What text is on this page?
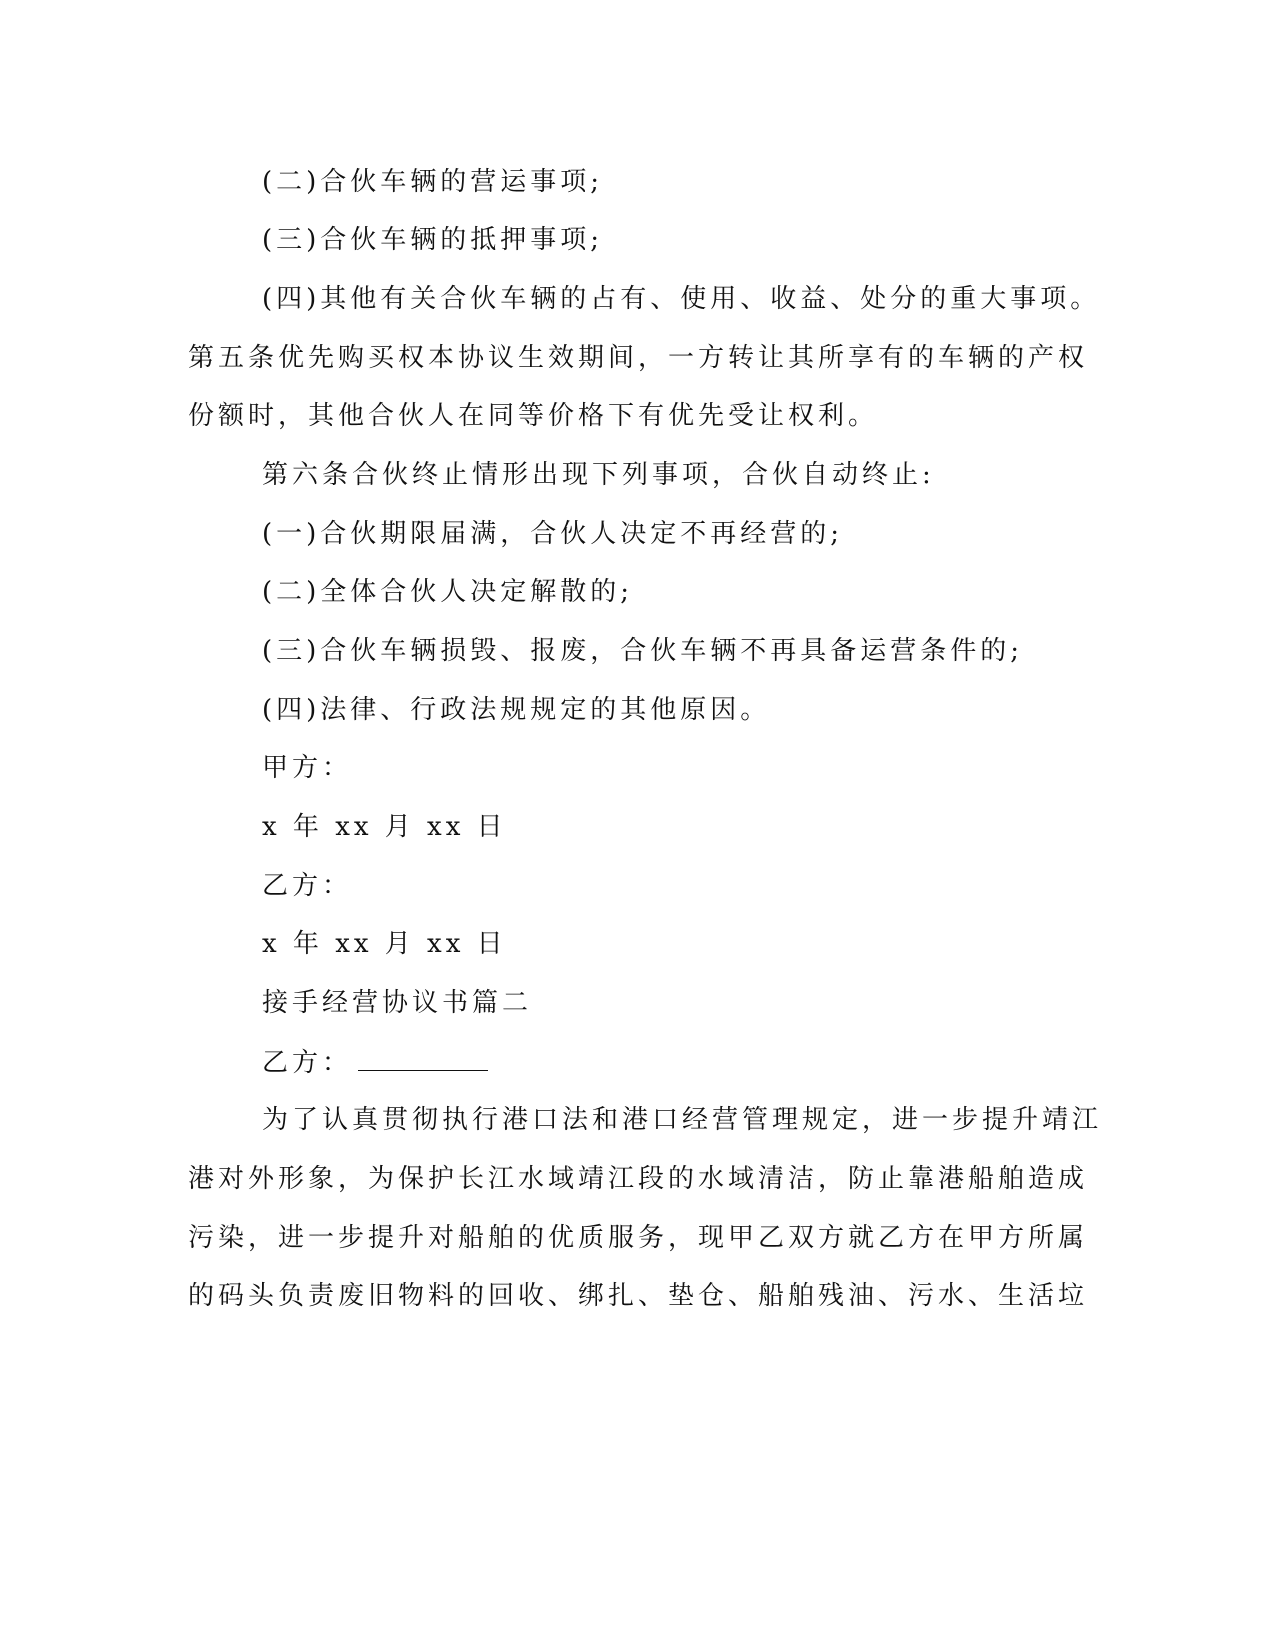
(二)合伙车辆的营运事项;
(三)合伙车辆的抵押事项;
(四)其他有关合伙车辆的占有、使用、收益、处分的重大事项。
第五条优先购买权本协议生效期间，一方转让其所享有的车辆的产权
份额时，其他合伙人在同等价格下有优先受让权利。
第六条合伙终止情形出现下列事项，合伙自动终止:
(一)合伙期限届满，合伙人决定不再经营的;
(二)全体合伙人决定解散的;
(三)合伙车辆损毁、报废，合伙车辆不再具备运营条件的;
(四)法律、行政法规规定的其他原因。
甲方：
x 年 xx 月 xx 日
乙方：
x 年 xx 月 xx 日
接手经营协议书篇二
乙方：
为了认真贯彻执行港口法和港口经营管理规定，进一步提升靖江
港对外形象，为保护长江水域靖江段的水域清洁，防止靠港船舶造成
污染，进一步提升对船舶的优质服务，现甲乙双方就乙方在甲方所属
的码头负责废旧物料的回收、绑扎、垫仓、船舶残油、污水、生活垃
